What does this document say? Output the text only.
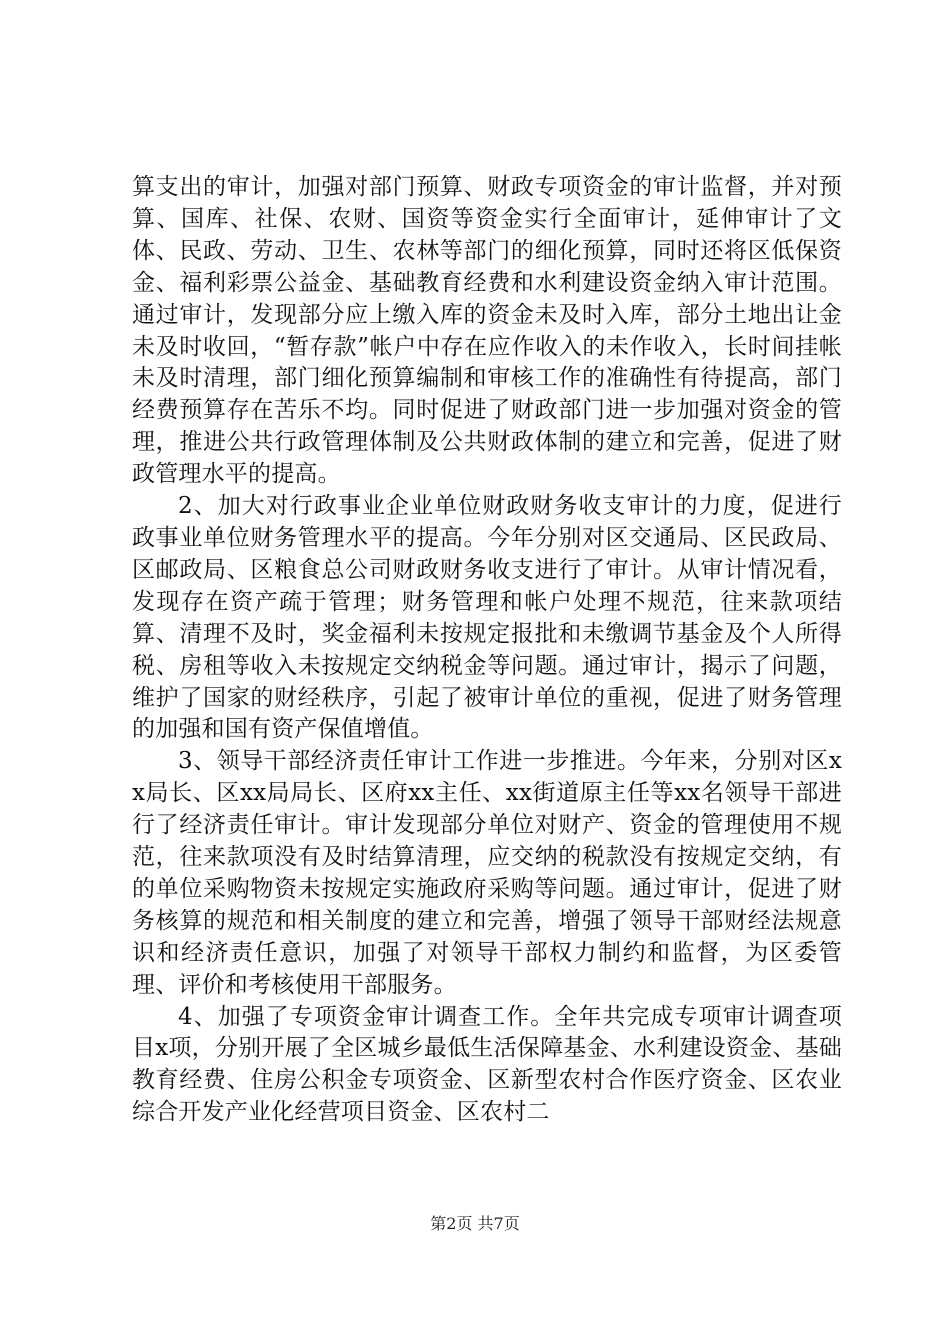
算支出的审计，加强对部门预算、财政专项资金的审计监督，并对预算、国库、社保、农财、国资等资金实行全面审计，延伸审计了文体、民政、劳动、卫生、农林等部门的细化预算，同时还将区低保资金、福利彩票公益金、基础教育经费和水利建设资金纳入审计范围。通过审计，发现部分应上缴入库的资金未及时入库，部分土地出让金未及时收回，“暂存款”帐户中存在应作收入的未作收入，长时间挂帐未及时清理，部门细化预算编制和审核工作的准确性有待提高，部门经费预算存在苦乐不均。同时促进了财政部门进一步加强对资金的管理，推进公共行政管理体制及公共财政体制的建立和完善，促进了财政管理水平的提高。

2、加大对行政事业企业单位财政财务收支审计的力度，促进行政事业单位财务管理水平的提高。今年分别对区交通局、区民政局、区邮政局、区粮食总公司财政财务收支进行了审计。从审计情况看，发现存在资产疏于管理；财务管理和帐户处理不规范，往来款项结算、清理不及时，奖金福利未按规定报批和未缴调节基金及个人所得税、房租等收入未按规定交纳税金等问题。通过审计，揭示了问题，维护了国家的财经秩序，引起了被审计单位的重视，促进了财务管理的加强和国有资产保值增值。

3、领导干部经济责任审计工作进一步推进。今年来，分别对区xx局长、区xx局局长、区府xx主任、xx街道原主任等xx名领导干部进行了经济责任审计。审计发现部分单位对财产、资金的管理使用不规范，往来款项没有及时结算清理，应交纳的税款没有按规定交纳，有的单位采购物资未按规定实施政府采购等问题。通过审计，促进了财务核算的规范和相关制度的建立和完善，增强了领导干部财经法规意识和经济责任意识，加强了对领导干部权力制约和监督，为区委管理、评价和考核使用干部服务。

4、加强了专项资金审计调查工作。全年共完成专项审计调查项目x项，分别开展了全区城乡最低生活保障基金、水利建设资金、基础教育经费、住房公积金专项资金、区新型农村合作医疗资金、区农业综合开发产业化经营项目资金、区农村二

第2页 共7页
